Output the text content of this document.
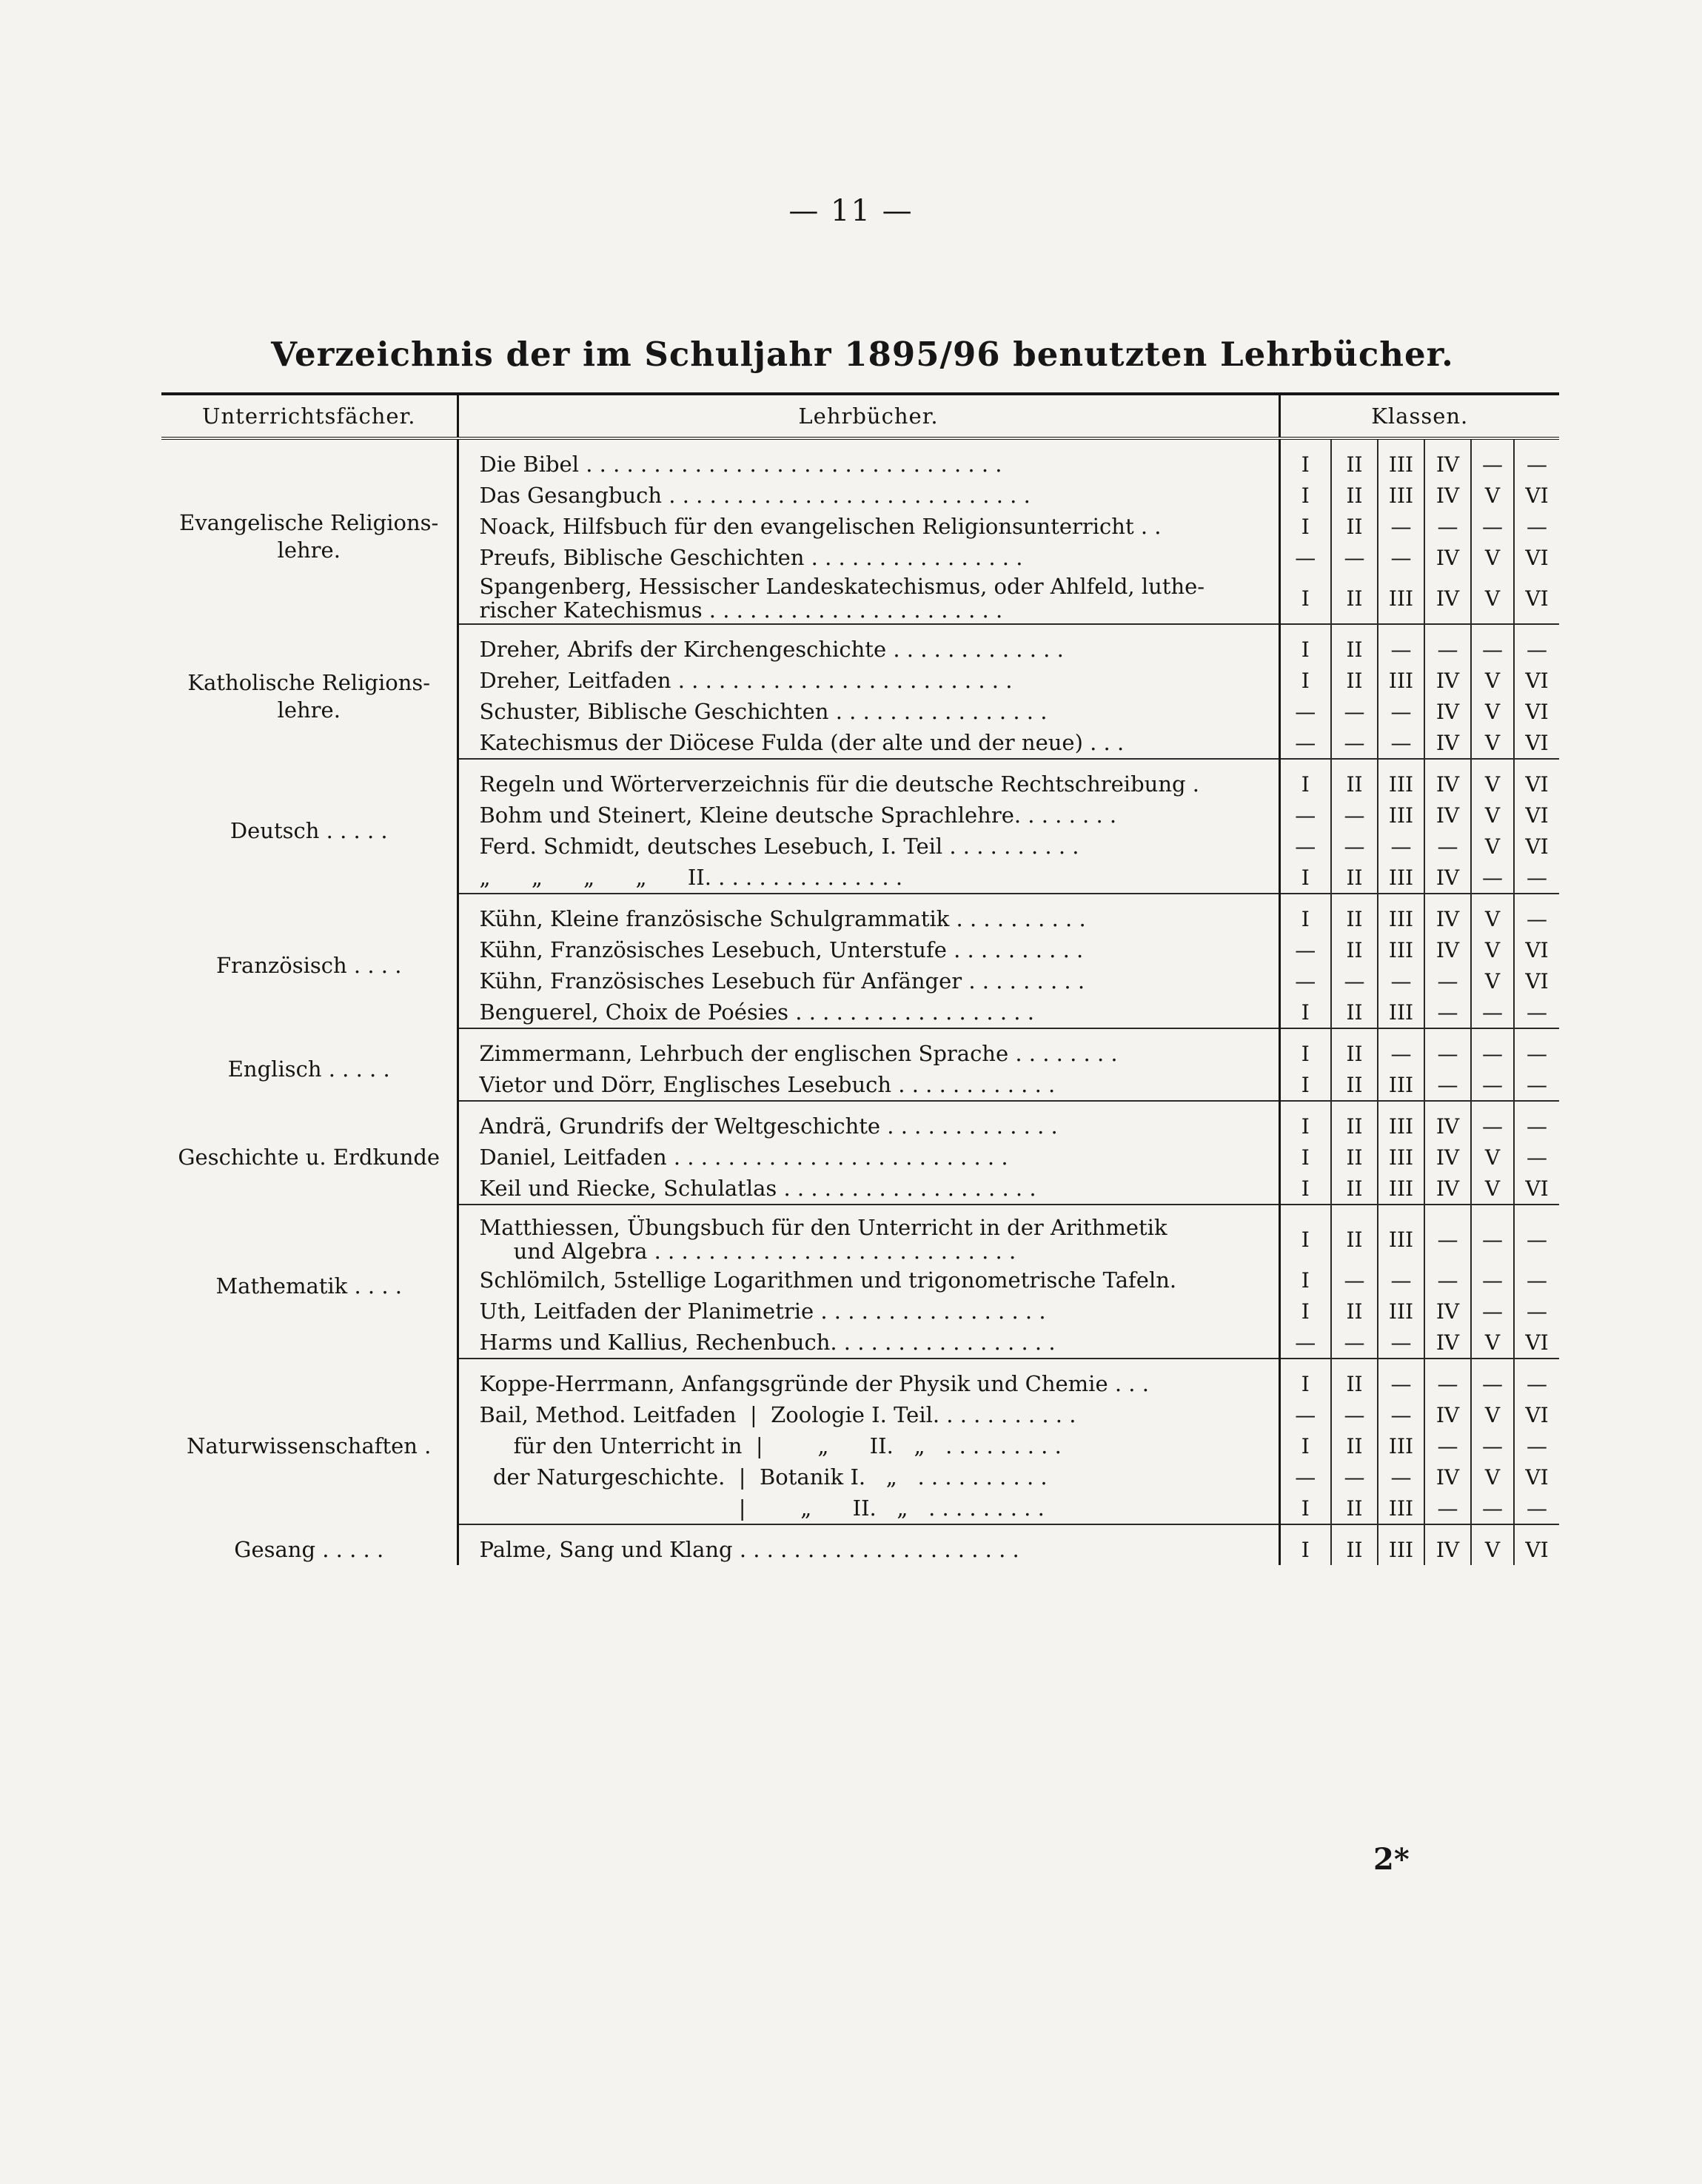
— 11 —
Verzeichnis der im Schuljahr 1895/96 benutzten Lehrbücher.
Unterrichtsfächer.	Lehrbücher.	Klassen.					

Evangelische Religions-
lehre.	Die Bibel . . . . . . . . . . . . . . . . . . . . . . . . . . . . . . .	I	II	III	IV	—	—
	Das Gesangbuch . . . . . . . . . . . . . . . . . . . . . . . . . . .	I	II	III	IV	V	VI
	Noack, Hilfsbuch für den evangelischen Religionsunterricht . .	I	II	—	—	—	—
	Preufs, Biblische Geschichten . . . . . . . . . . . . . . . .	—	—	—	IV	V	VI
	Spangenberg, Hessischer Landeskatechismus, oder Ahlfeld, luthe-
rischer Katechismus . . . . . . . . . . . . . . . . . . . . . .	I	II	III	IV	V	VI

Katholische Religions-
lehre.	Dreher, Abrifs der Kirchengeschichte . . . . . . . . . . . . .	I	II	—	—	—	—
	Dreher, Leitfaden . . . . . . . . . . . . . . . . . . . . . . . . .	I	II	III	IV	V	VI
	Schuster, Biblische Geschichten . . . . . . . . . . . . . . . .	—	—	—	IV	V	VI
	Katechismus der Diöcese Fulda (der alte und der neue) . . .	—	—	—	IV	V	VI

Deutsch . . . . .	Regeln und Wörterverzeichnis für die deutsche Rechtschreibung .	I	II	III	IV	V	VI
	Bohm und Steinert, Kleine deutsche Sprachlehre. . . . . . . .	—	—	III	IV	V	VI
	Ferd. Schmidt, deutsches Lesebuch, I. Teil . . . . . . . . . .	—	—	—	—	V	VI
	„      „      „      „      II. . . . . . . . . . . . . . .	I	II	III	IV	—	—

Französisch . . . .	Kühn, Kleine französische Schulgrammatik . . . . . . . . . .	I	II	III	IV	V	—
	Kühn, Französisches Lesebuch, Unterstufe . . . . . . . . . .	—	II	III	IV	V	VI
	Kühn, Französisches Lesebuch für Anfänger . . . . . . . . .	—	—	—	—	V	VI
	Benguerel, Choix de Poésies . . . . . . . . . . . . . . . . . .	I	II	III	—	—	—

Englisch . . . . .	Zimmermann, Lehrbuch der englischen Sprache . . . . . . . .	I	II	—	—	—	—
	Vietor und Dörr, Englisches Lesebuch . . . . . . . . . . . .	I	II	III	—	—	—

Geschichte u. Erdkunde	Andrä, Grundrifs der Weltgeschichte . . . . . . . . . . . . .	I	II	III	IV	—	—
	Daniel, Leitfaden . . . . . . . . . . . . . . . . . . . . . . . . .	I	II	III	IV	V	—
	Keil und Riecke, Schulatlas . . . . . . . . . . . . . . . . . . .	I	II	III	IV	V	VI

Mathematik . . . .	Matthiessen, Übungsbuch für den Unterricht in der Arithmetik
und Algebra . . . . . . . . . . . . . . . . . . . . . . . . . . .	I	II	III	—	—	—
	Schlömilch, 5stellige Logarithmen und trigonometrische Tafeln.	I	—	—	—	—	—
	Uth, Leitfaden der Planimetrie . . . . . . . . . . . . . . . . .	I	II	III	IV	—	—
	Harms und Kallius, Rechenbuch. . . . . . . . . . . . . . . . .	—	—	—	IV	V	VI

Naturwissenschaften .	Koppe-Herrmann, Anfangsgründe der Physik und Chemie . . .	I	II	—	—	—	—
	Bail, Method. Leitfaden  |  Zoologie I. Teil. . . . . . . . . . .	—	—	—	IV	V	VI
	für den Unterricht in  |        „      II.   „   . . . . . . . . .	I	II	III	—	—	—
	der Naturgeschichte.  |  Botanik I.   „   . . . . . . . . . .	—	—	—	IV	V	VI
	|        „      II.   „   . . . . . . . . .	I	II	III	—	—	—

Gesang . . . . .	Palme, Sang und Klang . . . . . . . . . . . . . . . . . . . . .	I	II	III	IV	V	VI
2*
